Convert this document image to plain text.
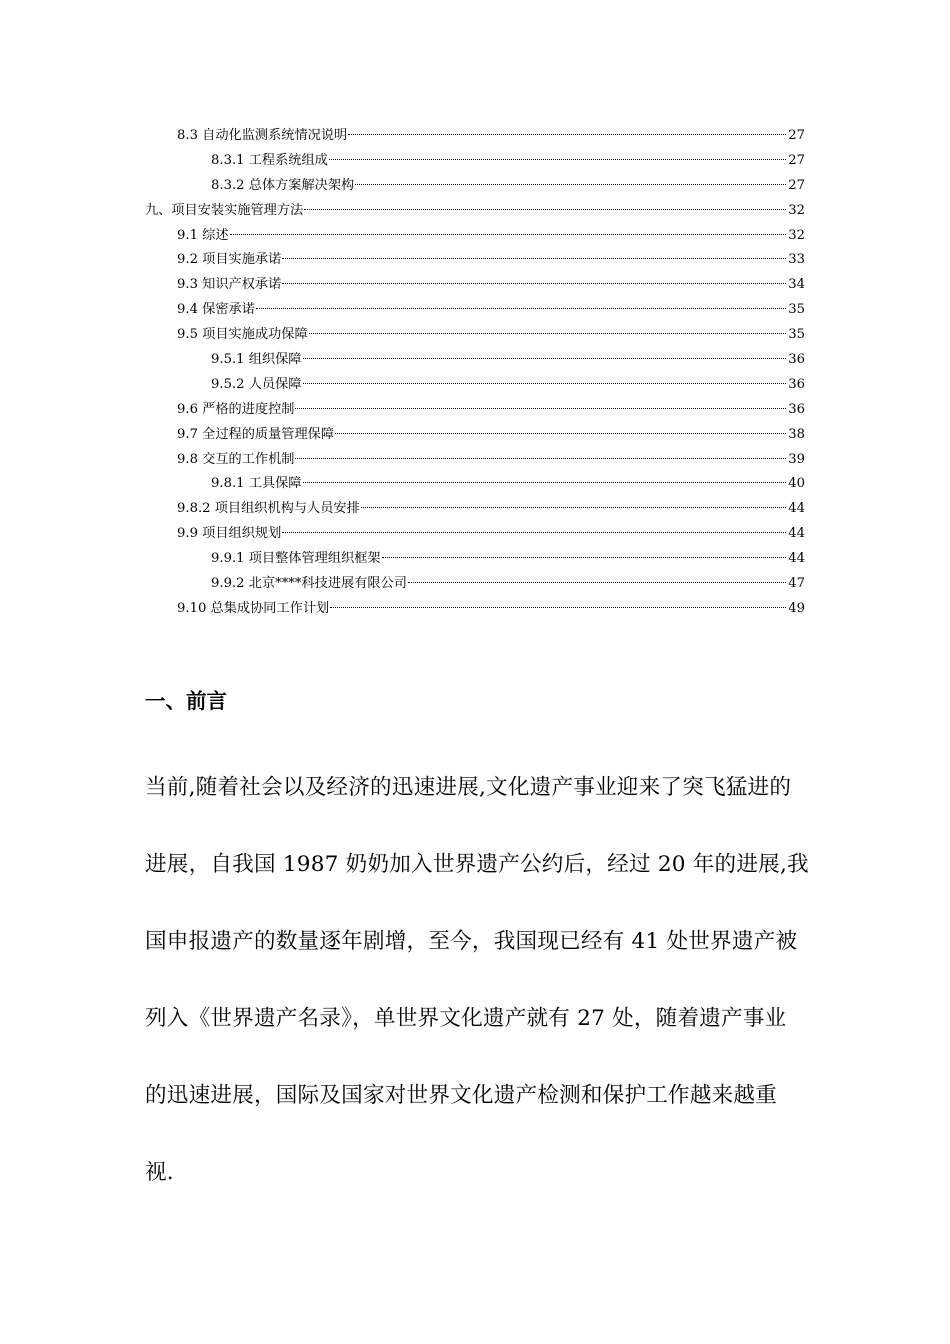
8.3 自动化监测系统情况说明	27
8.3.1 工程系统组成	27
8.3.2 总体方案解决架构	27
九、项目安装实施管理方法	32
9.1 综述	32
9.2 项目实施承诺	33
9.3 知识产权承诺	34
9.4 保密承诺	35
9.5 项目实施成功保障	35
9.5.1 组织保障	36
9.5.2 人员保障	36
9.6 严格的进度控制	36
9.7 全过程的质量管理保障	38
9.8 交互的工作机制	39
9.8.1 工具保障	40
9.8.2 项目组织机构与人员安排	44
9.9 项目组织规划	44
9.9.1 项目整体管理组织框架	44
9.9.2 北京****科技进展有限公司	47
9.10 总集成协同工作计划	49
一、前言
当前,随着社会以及经济的迅速进展,文化遗产事业迎来了突飞猛进的
进展，自我国 1987 奶奶加入世界遗产公约后，经过 20 年的进展,我
国申报遗产的数量逐年剧增，至今，我国现已经有 41 处世界遗产被
列入《世界遗产名录》，单世界文化遗产就有 27 处，随着遗产事业
的迅速进展，国际及国家对世界文化遗产检测和保护工作越来越重
视.
